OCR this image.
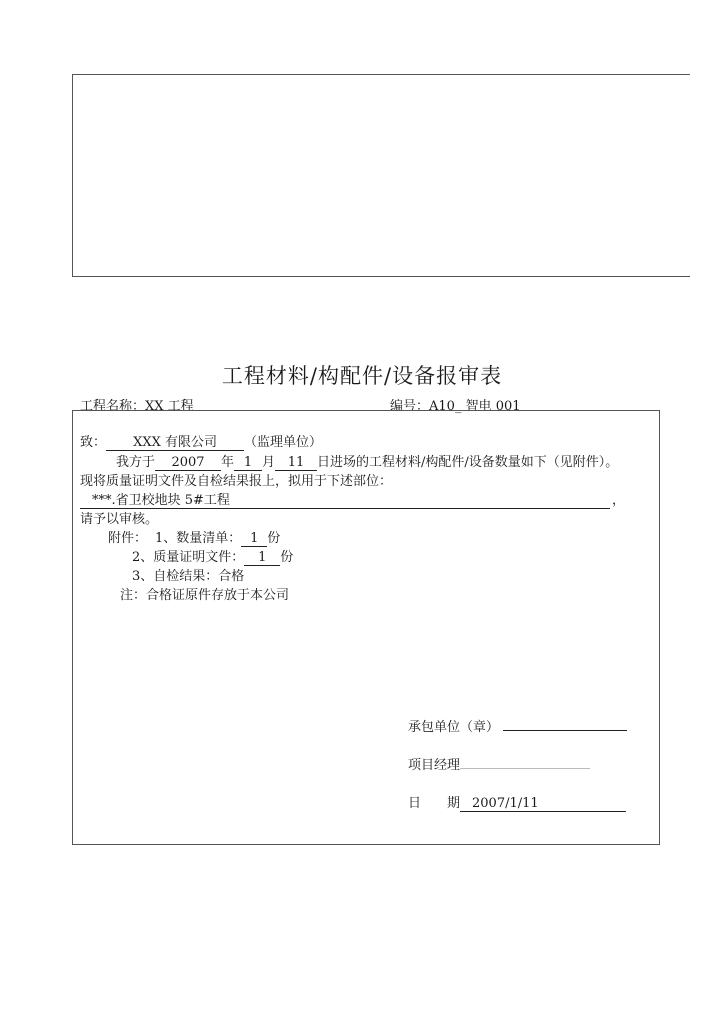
工程材料/构配件/设备报审表
工程名称：XX 工程	编号：A10_ 智电 001
致： XXX 有限公司 （监理单位）
我方于 2007 年 1 月 11 日进场的工程材料/构配件/设备数量如下（见附件）。
现将质量证明文件及自检结果报上，拟用于下述部位：
***.省卫校地块 5#工程	，
请予以审核。
附件： 1、数量清单： 1 份
2、质量证明文件： 1 份
3、自检结果：合格
注：合格证原件存放于本公司
承包单位（章）
项目经理
日　　期 2007/1/11
